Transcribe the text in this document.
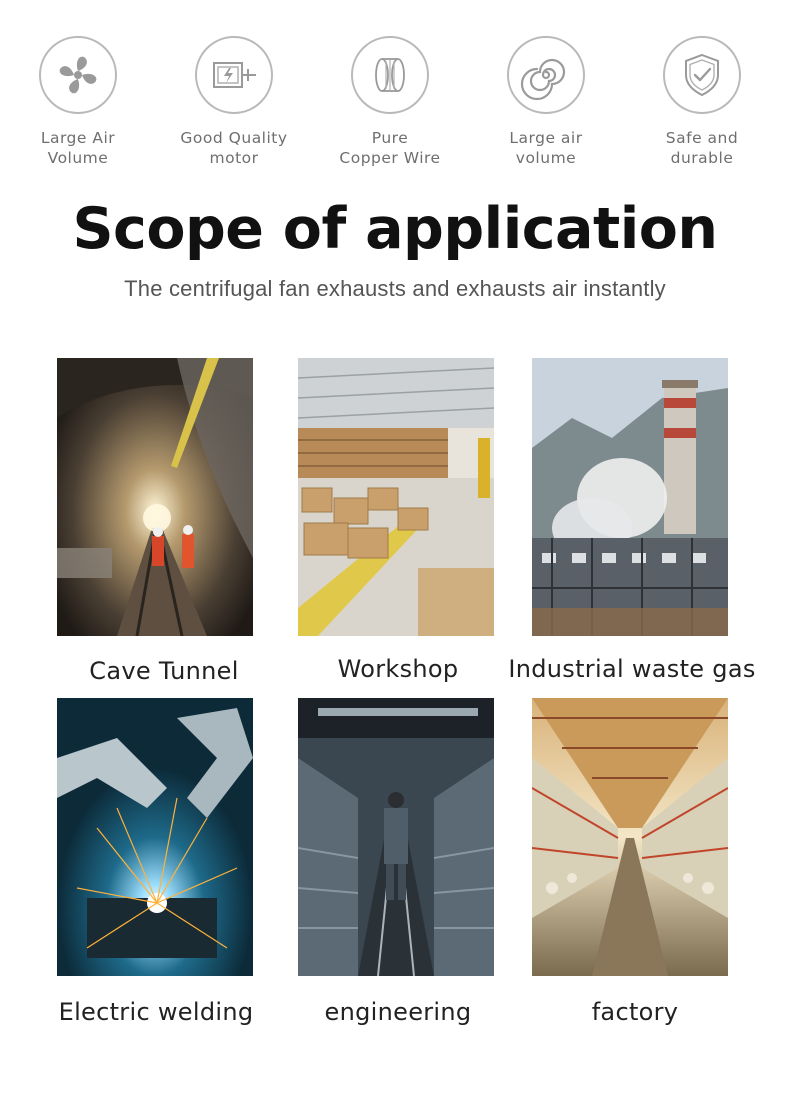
Large Air
Volume
Good Quality
motor
Pure
Copper Wire
Large air
volume
Safe and
durable
Scope of application
The centrifugal fan exhausts and exhausts air instantly
Cave Tunnel	Workshop	Industrial waste gas
Electric welding	engineering	factory
